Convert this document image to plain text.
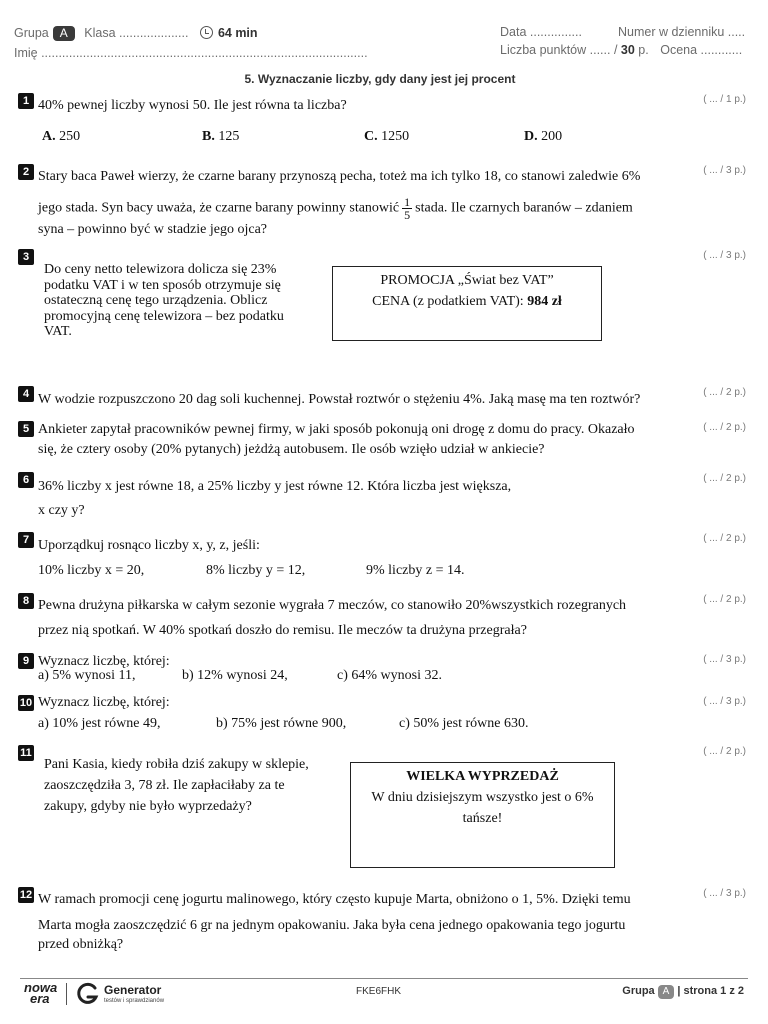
Grupa A Klasa .................... 64 min
Imię ..............................................................................................
Data ...............	Numer w dzienniku .....
Liczba punktów ...... / 30 p. Ocena ............
5. Wyznaczanie liczby, gdy dany jest jej procent
1	( ... / 1 p.)
40% pewnej liczby wynosi 50. Ile jest równa ta liczba?
A. 250	B. 125	C. 1250	D. 200
2	( ... / 3 p.)
Stary baca Paweł wierzy, że czarne barany przynoszą pecha, toteż ma ich tylko 18, co stanowi zaledwie 6%
jego stada. Syn bacy uważa, że czarne barany powinny stanowić $\frac{1}{5}$ stada. Ile czarnych baranów – zdaniem
syna – powinno być w stadzie jego ojca?
3	( ... / 3 p.)
Do ceny netto telewizora dolicza się 23%
podatku VAT i w ten sposób otrzymuje się
ostateczną cenę tego urządzenia. Oblicz
promocyjną cenę telewizora – bez podatku
VAT.
PROMOCJA „Świat bez VAT”
CENA (z podatkiem VAT): 984 zł
4	( ... / 2 p.)
W wodzie rozpuszczono 20 dag soli kuchennej. Powstał roztwór o stężeniu 4%. Jaką masę ma ten roztwór?
5	( ... / 2 p.)
Ankieter zapytał pracowników pewnej firmy, w jaki sposób pokonują oni drogę z domu do pracy. Okazało
się, że cztery osoby (20% pytanych) jeżdżą autobusem. Ile osób wzięło udział w ankiecie?
6	( ... / 2 p.)
36% liczby x jest równe 18, a 25% liczby y jest równe 12. Która liczba jest większa,
x czy y?
7	( ... / 2 p.)
Uporządkuj rosnąco liczby x, y, z, jeśli:
10% liczby x = 20,	8% liczby y = 12,	9% liczby z = 14.
8	( ... / 2 p.)
Pewna drużyna piłkarska w całym sezonie wygrała 7 meczów, co stanowiło 20%wszystkich rozegranych
przez nią spotkań. W 40% spotkań doszło do remisu. Ile meczów ta drużyna przegrała?
9	( ... / 3 p.)
Wyznacz liczbę, której:
a) 5% wynosi 11,	b) 12% wynosi 24,	c) 64% wynosi 32.
10	( ... / 3 p.)
Wyznacz liczbę, której:
a) 10% jest równe 49,	b) 75% jest równe 900,	c) 50% jest równe 630.
11	( ... / 2 p.)
Pani Kasia, kiedy robiła dziś zakupy w sklepie,
zaoszczędziła 3, 78 zł. Ile zapłaciłaby za te
zakupy, gdyby nie było wyprzedaży?
WIELKA WYPRZEDAŻ
W dniu dzisiejszym wszystko jest o 6%
tańsze!
12	( ... / 3 p.)
W ramach promocji cenę jogurtu malinowego, który często kupuje Marta, obniżono o 1, 5%. Dzięki temu
Marta mogła zaoszczędzić 6 gr na jednym opakowaniu. Jaka była cena jednego opakowania tego jogurtu
przed obniżką?
nowa
era
Generator
testów i sprawdzianów
FKE6FHK	Grupa A | strona 1 z 2
